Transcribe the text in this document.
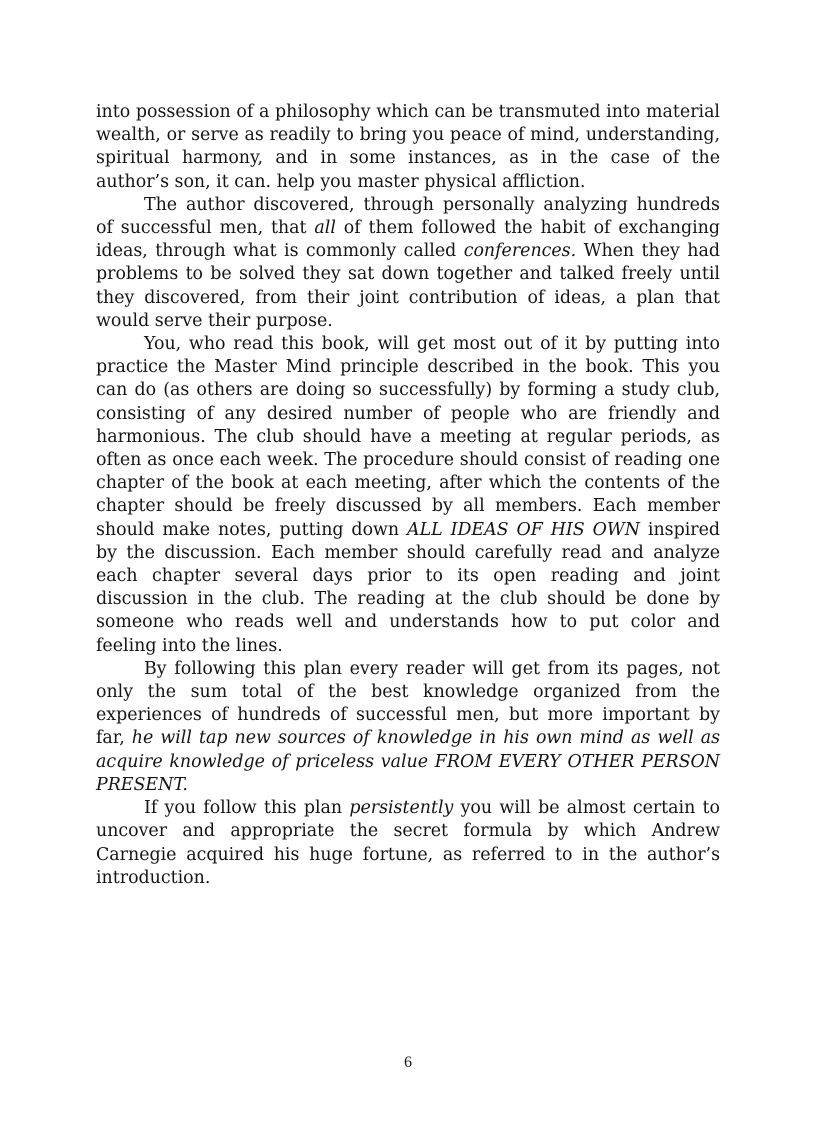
into possession of a philosophy which can be transmuted into material wealth, or serve as readily to bring you peace of mind, understanding, spiritual harmony, and in some instances, as in the case of the author’s son, it can. help you master physical affliction.

The author discovered, through personally analyzing hundreds of successful men, that all of them followed the habit of exchanging ideas, through what is commonly called conferences. When they had problems to be solved they sat down together and talked freely until they discovered, from their joint contribution of ideas, a plan that would serve their purpose.

You, who read this book, will get most out of it by putting into practice the Master Mind principle described in the book. This you can do (as others are doing so successfully) by forming a study club, consisting of any desired number of people who are friendly and harmonious. The club should have a meeting at regular periods, as often as once each week. The procedure should consist of reading one chapter of the book at each meeting, after which the contents of the chapter should be freely discussed by all members. Each member should make notes, putting down ALL IDEAS OF HIS OWN inspired by the discussion. Each member should carefully read and analyze each chapter several days prior to its open reading and joint discussion in the club. The reading at the club should be done by someone who reads well and understands how to put color and feeling into the lines.

By following this plan every reader will get from its pages, not only the sum total of the best knowledge organized from the experiences of hundreds of successful men, but more important by far, he will tap new sources of knowledge in his own mind as well as acquire knowledge of priceless value FROM EVERY OTHER PERSON PRESENT.

If you follow this plan persistently you will be almost certain to uncover and appropriate the secret formula by which Andrew Carnegie acquired his huge fortune, as referred to in the author’s introduction.

6
